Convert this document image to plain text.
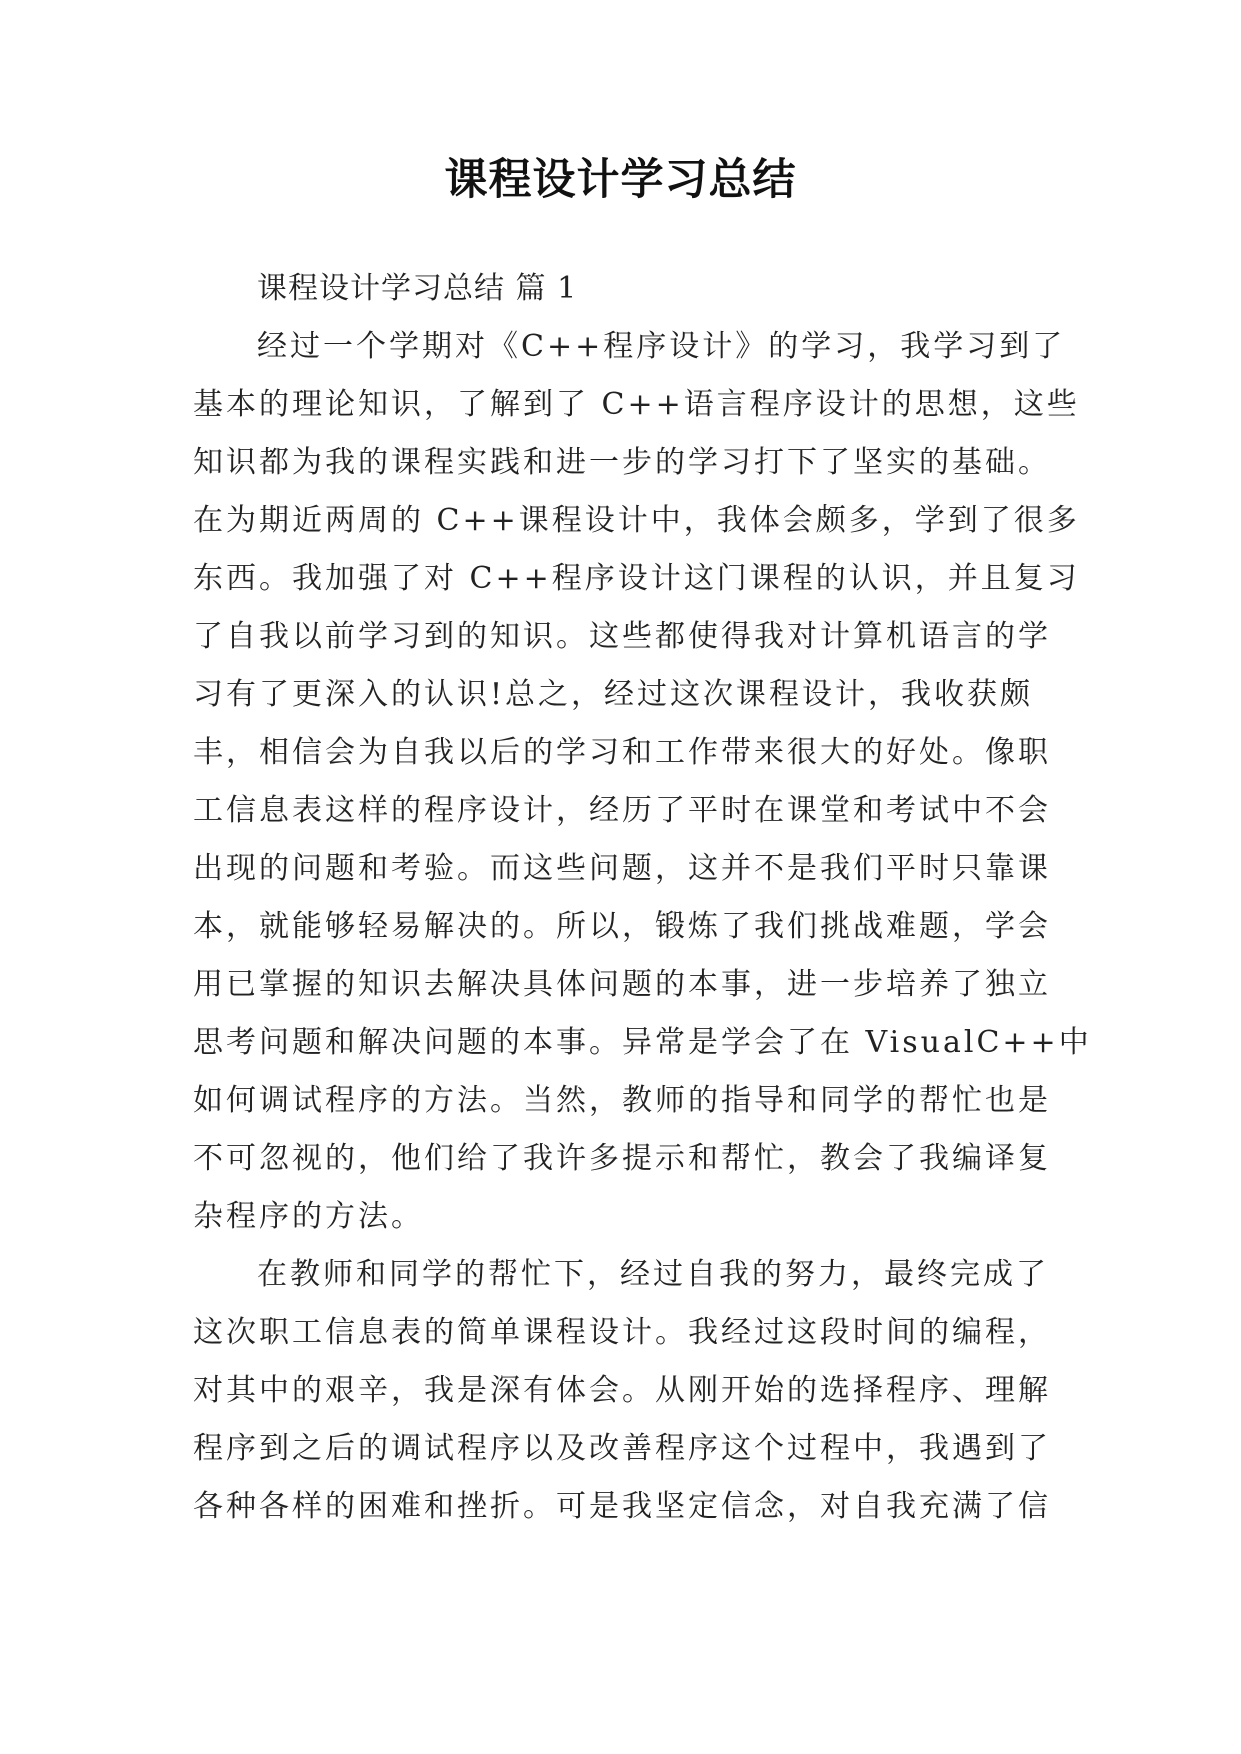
课程设计学习总结
课程设计学习总结 篇 1
经过一个学期对《C++程序设计》的学习，我学习到了
基本的理论知识，了解到了 C++语言程序设计的思想，这些
知识都为我的课程实践和进一步的学习打下了坚实的基础。
在为期近两周的 C++课程设计中，我体会颇多，学到了很多
东西。我加强了对 C++程序设计这门课程的认识，并且复习
了自我以前学习到的知识。这些都使得我对计算机语言的学
习有了更深入的认识!总之，经过这次课程设计，我收获颇
丰，相信会为自我以后的学习和工作带来很大的好处。像职
工信息表这样的程序设计，经历了平时在课堂和考试中不会
出现的问题和考验。而这些问题，这并不是我们平时只靠课
本，就能够轻易解决的。所以，锻炼了我们挑战难题，学会
用已掌握的知识去解决具体问题的本事，进一步培养了独立
思考问题和解决问题的本事。异常是学会了在 VisualC++中
如何调试程序的方法。当然，教师的指导和同学的帮忙也是
不可忽视的，他们给了我许多提示和帮忙，教会了我编译复
杂程序的方法。
在教师和同学的帮忙下，经过自我的努力，最终完成了
这次职工信息表的简单课程设计。我经过这段时间的编程，
对其中的艰辛，我是深有体会。从刚开始的选择程序、理解
程序到之后的调试程序以及改善程序这个过程中，我遇到了
各种各样的困难和挫折。可是我坚定信念，对自我充满了信
